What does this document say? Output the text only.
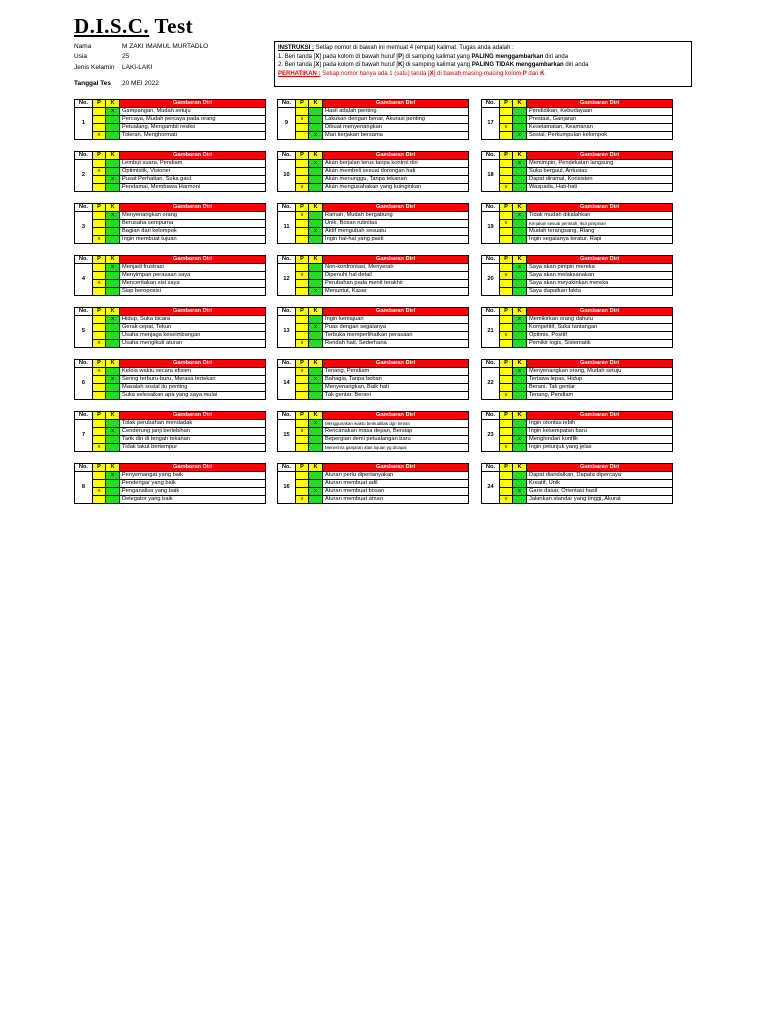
D.I.S.C. Test
Nama	M ZAKI IMAMUL MURTADLO
Usia	25
Jenis Kelamin	LAKI-LAKI
Tanggal Tes	20 MEI 2022
INSTRUKSI : Setiap nomor di bawah ini memuat 4 (empat) kalimat. Tugas anda adalah :
1. Beri tanda [X] pada kolom di bawah huruf [P] di samping kalimat yang PALING menggambarkan diri anda
2. Beri tanda [X] pada kolom di bawah huruf [K] di samping kalimat yang PALING TIDAK menggambarkan diri anda
PERHATIKAN : Setiap nomor hanya ada 1 (satu) tanda [X] di bawah masing-masing kolom P dan K.
No.	P	K	Gambaran Diri
1		x	Gampangan, Mudah setuju
			Percaya, Mudah percaya pada orang
			Petualang, Mengambil resiko
	x		Toleran, Menghormati
No.	P	K	Gambaran Diri
2			Lembut suara, Pendiam
	x		Optimistik, Visioner
		x	Pusat Perhatian, Suka gaul
			Pendamai, Membawa Harmoni
No.	P	K	Gambaran Diri
3		x	Menyenangkan orang
			Berusaha sempurna
			Bagian dari kelompok
	x		Ingin membuat tujuan
No.	P	K	Gambaran Diri
4		x	Menjadi frustrasi
			Menyimpan perasaan saya
	x		Menceritakan sisi saya
			Siap beroposisi
No.	P	K	Gambaran Diri
5		x	Hidup, Suka bicara
			Gerak cepat, Tekun
			Usaha menjaga keseimbangan
	x		Usaha mengikuti aturan
No.	P	K	Gambaran Diri
6	x		Kelola waktu secara efisien
		x	Sering terburu-buru, Merasa tertekan
			Masalah sosial itu penting
			Suka selesaikan apa yang saya mulai
No.	P	K	Gambaran Diri
7			Tolak perubahan mendadak
		x	Cenderung janji berlebihan
			Tarik diri di tengah tekanan
	x		Tidak takut bertempur
No.	P	K	Gambaran Diri
8		x	Penyemangat yang baik
			Pendengar yang baik
	x		Penganalisa yang baik
			Delegator yang baik
No.	P	K	Gambaran Diri
9			Hasil adalah penting
	x		Lakukan dengan benar, Akurasi penting
			Dibuat menyenangkan
		x	Mari kerjakan bersama
No.	P	K	Gambaran Diri
10		x	Akan berjalan terus tanpa kontrol diri
			Akan membeli sesuai dorongan hati
			Akan menunggu, Tanpa tekanan
	x		Akan mengusahakan yang kuinginkan
No.	P	K	Gambaran Diri
11	x		Ramah, Mudah bergabung
			Unik, Bosan rutinitas
		x	Aktif mengubah sesuatu
			Ingin hal-hal yang pasti
No.	P	K	Gambaran Diri
12			Non-konfrontasi, Menyerah
	x		Dipenuhi hal detail
			Perubahan pada menit terakhir
		x	Menuntut, Kasar
No.	P	K	Gambaran Diri
13			Ingin kemajuan
		x	Puas dengan segalanya
			Terbuka memperlihatkan perasaan
	x		Rendah hati, Sederhana
No.	P	K	Gambaran Diri
14	x		Tenang, Pendiam
		x	Bahagia, Tanpa beban
			Menyenangkan, Baik hati
			Tak gentar, Berani
No.	P	K	Gambaran Diri
15		x	Menggunakan waktu berkualitas dgn teman
	x		Rencanakan masa depan, Bersiap
			Bepergian demi petualangan baru
			Menerima ganjaran atas tujuan yg dicapai
No.	P	K	Gambaran Diri
16			Aturan perlu dipertanyakan
			Aturan membuat adil
		x	Aturan membuat bosan
	x		Aturan membuat aman
No.	P	K	Gambaran Diri
17			Pendidikan, Kebudayaan
			Prestasi, Ganjaran
	x		Keselamatan, Keamanan
		x	Sosial, Perkumpulan kelompok
No.	P	K	Gambaran Diri
18		x	Memimpin, Pendekatan langsung
			Suka bergaul, Antusias
			Dapat diramal, Konsisten
	x		Waspada, Hati-hati
No.	P	K	Gambaran Diri
19		x	Tidak mudah dikalahkan
	x		Kerjakan sesuai perintah, Ikut pimpinan
			Mudah terangsang, Riang
			Ingin segalanya teratur, Rapi
No.	P	K	Gambaran Diri
20		x	Saya akan pimpin mereka
	x		Saya akan melaksanakan
			Saya akan meyakinkan mereka
			Saya dapatkan fakta
No.	P	K	Gambaran Diri
21		x	Memikirkan orang dahulu
			Kompetitif, Suka tantangan
	x		Optimis, Positif
			Pemikir logis, Sistematik
No.	P	K	Gambaran Diri
22		x	Menyenangkan orang, Mudah setuju
			Tertawa lepas, Hidup
			Berani, Tak gentar
	x		Tenang, Pendiam
No.	P	K	Gambaran Diri
23			Ingin otoritas lebih
			Ingin kesempatan baru
		x	Menghindari konflik
	x		Ingin petunjuk yang jelas
No.	P	K	Gambaran Diri
24			Dapat diandalkan, Dapata dipercaya
			Kreatif, Unik
		x	Garis dasar, Orientasi hasil
	x		Jalankan standar yang tinggi, Akurat
